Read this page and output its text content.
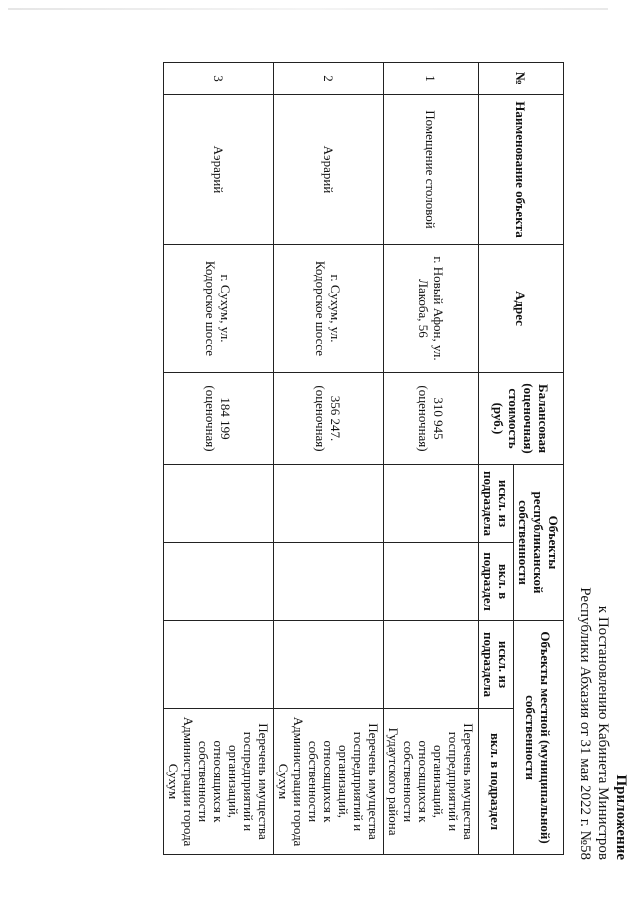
Приложение
к Постановлению Кабинета Министров
Республики Абхазия от 31 мая 2022 г. №58
№	Наименование объекта	Адрес	Балансовая (оценочная) стоимость (руб.)	Объекты республиканской собственности		Объекты местной (муниципальной) собственности	
				искл. из подраздела	вкл. в подраздел	искл. из подраздела	вкл. в подраздел
1	Помещение столовой	г. Новый Афон, ул. Лакоба, 56	310 945 (оценочная)				Перечень имущества госпредприятий и организаций, относящихся к собственности Гудаутского района
2	Аэрарий	г. Сухум, ул. Кодорское шоссе	356 247. (оценочная)				Перечень имущества госпредприятий и организаций, относящихся к собственности Администрации города Сухум
3	Аэрарий	г. Сухум, ул. Кодорское шоссе	184 199 (оценочная)				Перечень имущества госпредприятий и организаций, относящихся к собственности Администрации города Сухум
